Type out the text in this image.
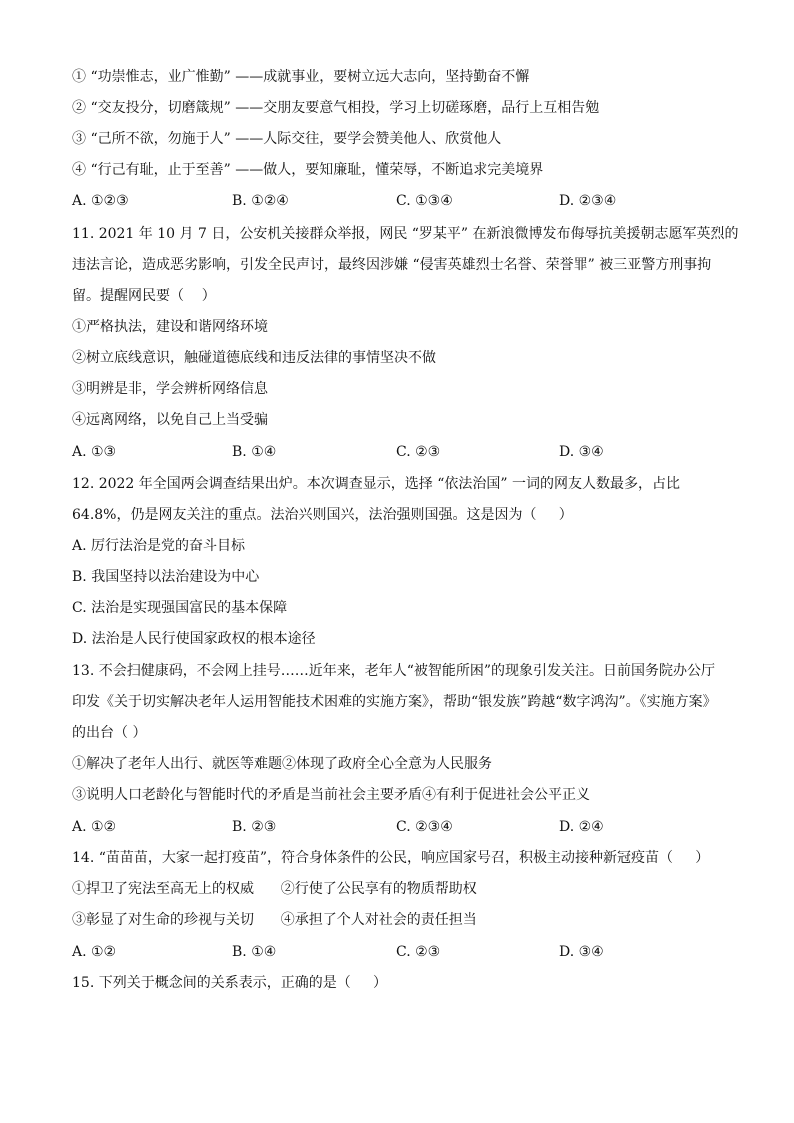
① “功崇惟志，业广惟勤” ——成就事业，要树立远大志向，坚持勤奋不懈
② “交友投分，切磨箴规” ——交朋友要意气相投，学习上切磋琢磨，品行上互相告勉
③ “己所不欲，勿施于人” ——人际交往，要学会赞美他人、欣赏他人
④ “行己有耻，止于至善” ——做人，要知廉耻，懂荣辱，不断追求完美境界
A. ①②③	B. ①②④	C. ①③④	D. ②③④
11. 2021 年 10 月 7 日，公安机关接群众举报，网民 “罗某平” 在新浪微博发布侮辱抗美援朝志愿军英烈的
违法言论，造成恶劣影响，引发全民声讨，最终因涉嫌 “侵害英雄烈士名誉、荣誉罪” 被三亚警方刑事拘
留。提醒网民要（    ）
①严格执法，建设和谐网络环境
②树立底线意识，触碰道德底线和违反法律的事情坚决不做
③明辨是非，学会辨析网络信息
④远离网络，以免自己上当受骗
A. ①③	B. ①④	C. ②③	D. ③④
12. 2022 年全国两会调查结果出炉。本次调查显示，选择 “依法治国” 一词的网友人数最多，占比
64.8%，仍是网友关注的重点。法治兴则国兴，法治强则国强。这是因为（     ）
A. 厉行法治是党的奋斗目标
B. 我国坚持以法治建设为中心
C. 法治是实现强国富民的基本保障
D. 法治是人民行使国家政权的根本途径
13. 不会扫健康码，不会网上挂号……近年来，老年人“被智能所困”的现象引发关注。日前国务院办公厅
印发《关于切实解决老年人运用智能技术困难的实施方案》，帮助“银发族”跨越“数字鸿沟”。《实施方案》
的出台（ ）
①解决了老年人出行、就医等难题②体现了政府全心全意为人民服务
③说明人口老龄化与智能时代的矛盾是当前社会主要矛盾④有利于促进社会公平正义
A. ①②	B. ②③	C. ②③④	D. ②④
14. “苗苗苗，大家一起打疫苗”，符合身体条件的公民，响应国家号召，积极主动接种新冠疫苗（     ）
①捍卫了宪法至高无上的权威      ②行使了公民享有的物质帮助权
③彰显了对生命的珍视与关切      ④承担了个人对社会的责任担当
A. ①②	B. ①④	C. ②③	D. ③④
15. 下列关于概念间的关系表示，正确的是（     ）
